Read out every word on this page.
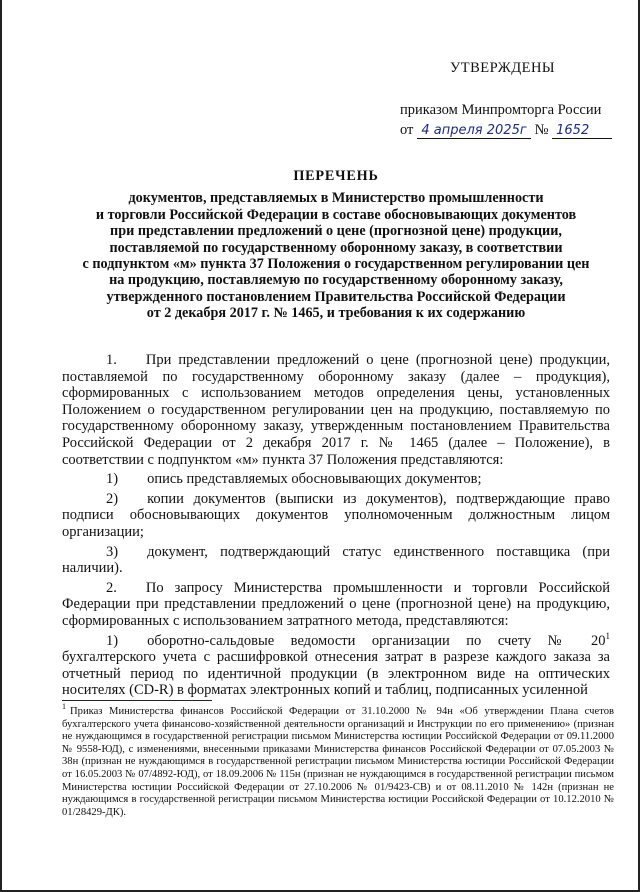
УТВЕРЖДЕНЫ
приказом Минпромторга России
от 4 апреля 2025г № 1652
ПЕРЕЧЕНЬ
документов, представляемых в Министерство промышленности
и торговли Российской Федерации в составе обосновывающих документов
при представлении предложений о цене (прогнозной цене) продукции,
поставляемой по государственному оборонному заказу, в соответствии
с подпунктом «м» пункта 37 Положения о государственном регулировании цен
на продукцию, поставляемую по государственному оборонному заказу,
утвержденного постановлением Правительства Российской Федерации
от 2 декабря 2017 г. № 1465, и требования к их содержанию

1.  При представлении предложений о цене (прогнозной цене) продукции, поставляемой по государственному оборонному заказу (далее – продукция), сформированных с использованием методов определения цены, установленных Положением о государственном регулировании цен на продукцию, поставляемую по государственному оборонному заказу, утвержденным постановлением Правительства Российской Федерации от 2 декабря 2017 г. № 1465 (далее – Положение), в соответствии с подпунктом «м» пункта 37 Положения представляются:

1)   опись представляемых обосновывающих документов;

2)   копии документов (выписки из документов), подтверждающие право подписи обосновывающих документов уполномоченным должностным лицом организации;

3)   документ, подтверждающий статус единственного поставщика (при наличии).

2.  По запросу Министерства промышленности и торговли Российской Федерации при представлении предложений о цене (прогнозной цене) на продукцию, сформированных с использованием затратного метода, представляются:

1)   оборотно-сальдовые ведомости организации по счету № $20^1$ бухгалтерского учета с расшифровкой отнесения затрат в разрезе каждого заказа за отчетный период по идентичной продукции (в электронном виде на оптических носителях (CD-R) в форматах электронных копий и таблиц, подписанных усиленной

$^1$ Приказ Министерства финансов Российской Федерации от 31.10.2000 № 94н «Об утверждении Плана счетов бухгалтерского учета финансово-хозяйственной деятельности организаций и Инструкции по его применению» (признан не нуждающимся в государственной регистрации письмом Министерства юстиции Российской Федерации от 09.11.2000 № 9558-ЮД), с изменениями, внесенными приказами Министерства финансов Российской Федерации от 07.05.2003 № 38н (признан не нуждающимся в государственной регистрации письмом Министерства юстиции Российской Федерации от 16.05.2003 № 07/4892-ЮД), от 18.09.2006 № 115н (признан не нуждающимся в государственной регистрации письмом Министерства юстиции Российской Федерации от 27.10.2006 № 01/9423-СВ) и от 08.11.2010 № 142н (признан не нуждающимся в государственной регистрации письмом Министерства юстиции Российской Федерации от 10.12.2010 № 01/28429-ДК).
